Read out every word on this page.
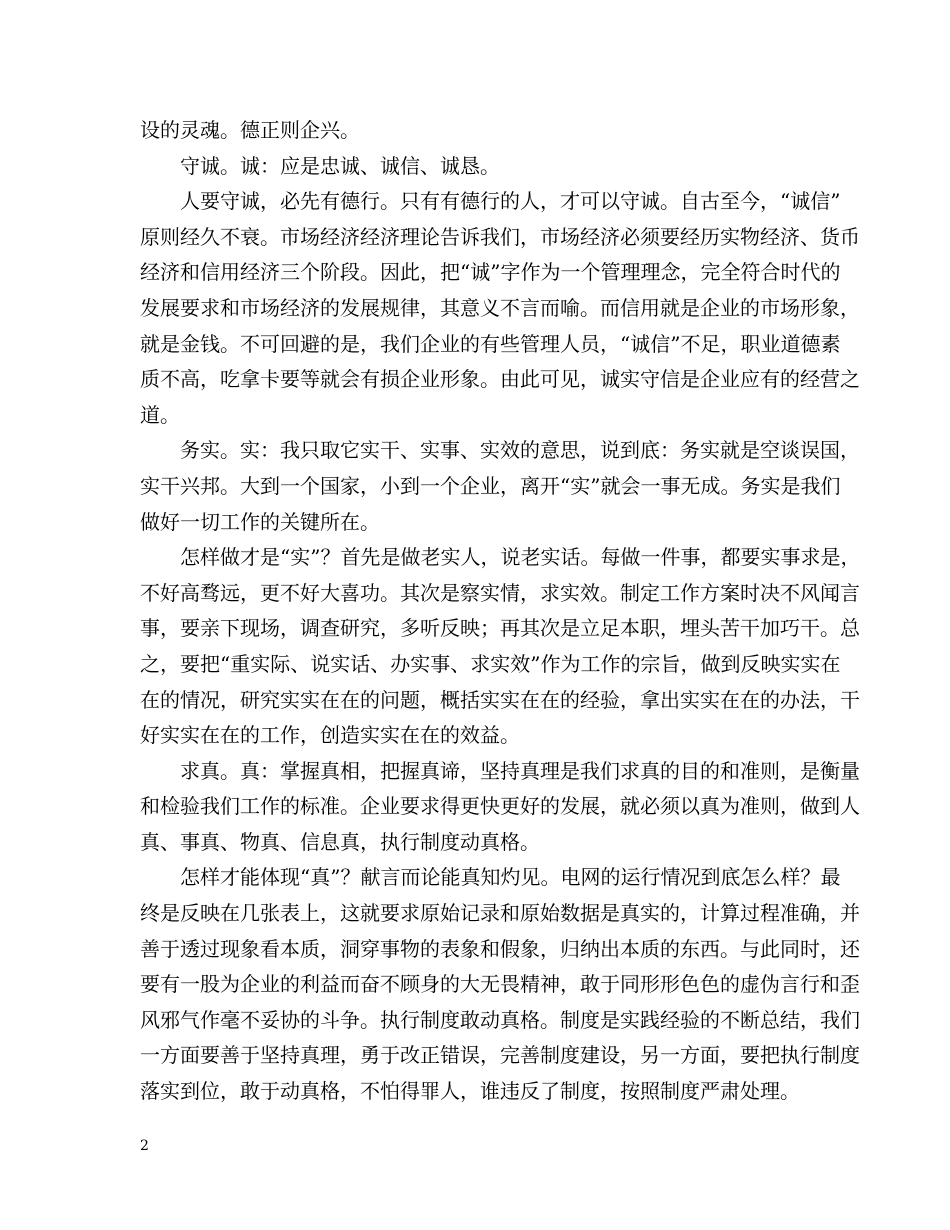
设的灵魂。德正则企兴。
守诚。诚：应是忠诚、诚信、诚恳。
人要守诚，必先有德行。只有有德行的人，才可以守诚。自古至今，“诚信”
原则经久不衰。市场经济经济理论告诉我们，市场经济必须要经历实物经济、货币
经济和信用经济三个阶段。因此，把“诚”字作为一个管理理念，完全符合时代的
发展要求和市场经济的发展规律，其意义不言而喻。而信用就是企业的市场形象，
就是金钱。不可回避的是，我们企业的有些管理人员，“诚信”不足，职业道德素
质不高，吃拿卡要等就会有损企业形象。由此可见，诚实守信是企业应有的经营之
道。
务实。实：我只取它实干、实事、实效的意思，说到底：务实就是空谈误国，
实干兴邦。大到一个国家，小到一个企业，离开“实”就会一事无成。务实是我们
做好一切工作的关键所在。
怎样做才是“实”？首先是做老实人，说老实话。每做一件事，都要实事求是，
不好高骛远，更不好大喜功。其次是察实情，求实效。制定工作方案时决不风闻言
事，要亲下现场，调查研究，多听反映；再其次是立足本职，埋头苦干加巧干。总
之，要把“重实际、说实话、办实事、求实效”作为工作的宗旨，做到反映实实在
在的情况，研究实实在在的问题，概括实实在在的经验，拿出实实在在的办法，干
好实实在在的工作，创造实实在在的效益。
求真。真：掌握真相，把握真谛，坚持真理是我们求真的目的和准则，是衡量
和检验我们工作的标准。企业要求得更快更好的发展，就必须以真为准则，做到人
真、事真、物真、信息真，执行制度动真格。
怎样才能体现“真”？献言而论能真知灼见。电网的运行情况到底怎么样？最
终是反映在几张表上，这就要求原始记录和原始数据是真实的，计算过程准确，并
善于透过现象看本质，洞穿事物的表象和假象，归纳出本质的东西。与此同时，还
要有一股为企业的利益而奋不顾身的大无畏精神，敢于同形形色色的虚伪言行和歪
风邪气作毫不妥协的斗争。执行制度敢动真格。制度是实践经验的不断总结，我们
一方面要善于坚持真理，勇于改正错误，完善制度建设，另一方面，要把执行制度
落实到位，敢于动真格，不怕得罪人，谁违反了制度，按照制度严肃处理。
2
